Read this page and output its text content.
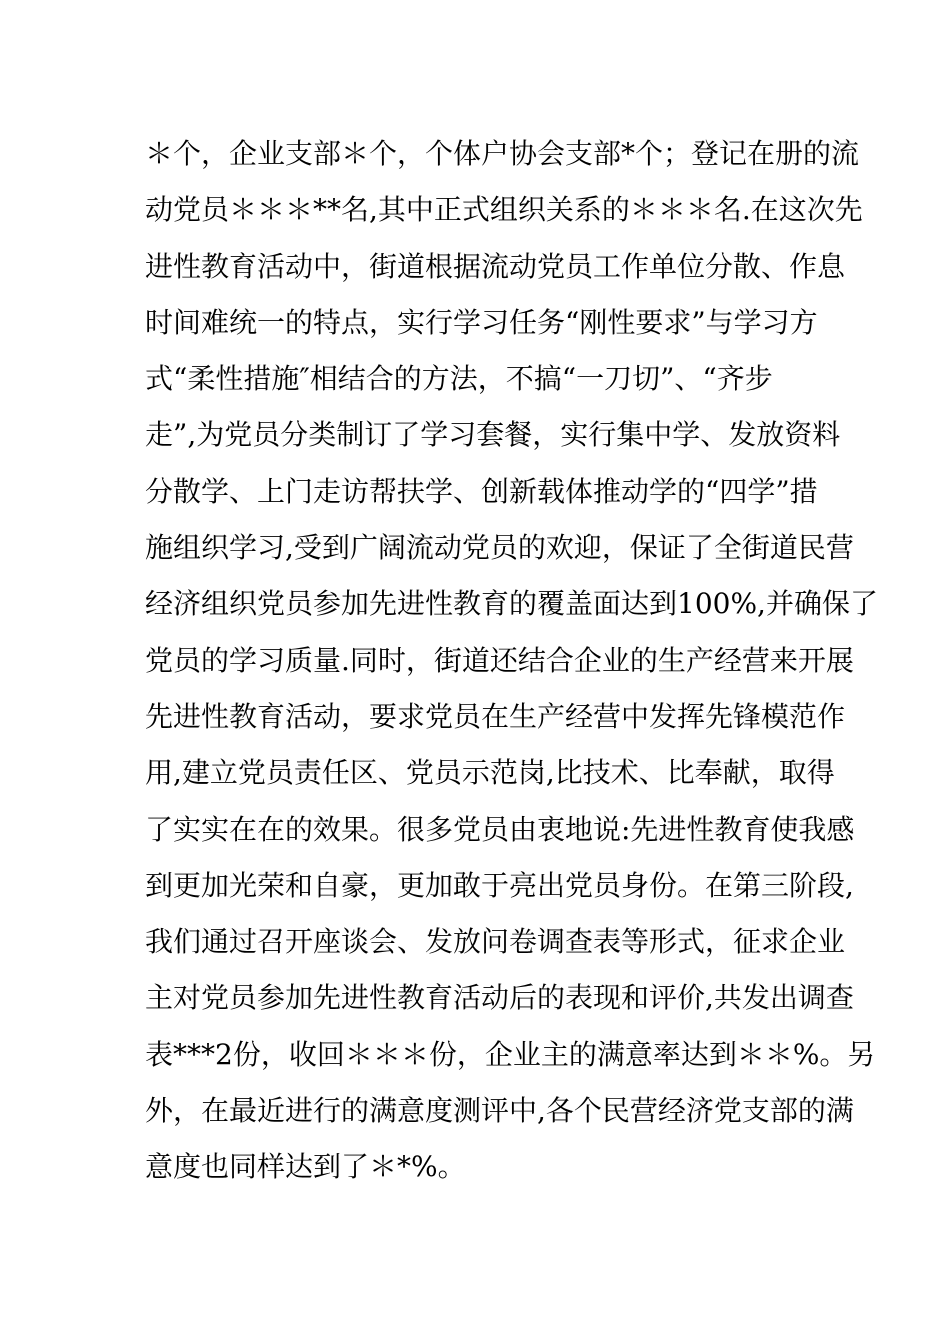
＊个，企业支部＊个，个体户协会支部*个；登记在册的流
动党员＊＊＊**名,其中正式组织关系的＊＊＊名.在这次先
进性教育活动中，街道根据流动党员工作单位分散、作息
时间难统一的特点，实行学习任务“刚性要求”与学习方
式“柔性措施″相结合的方法，不搞“一刀切”、“齐步
走”,为党员分类制订了学习套餐，实行集中学、发放资料
分散学、上门走访帮扶学、创新载体推动学的“四学”措
施组织学习,受到广阔流动党员的欢迎，保证了全街道民营
经济组织党员参加先进性教育的覆盖面达到100%,并确保了
党员的学习质量.同时，街道还结合企业的生产经营来开展
先进性教育活动，要求党员在生产经营中发挥先锋模范作
用,建立党员责任区、党员示范岗,比技术、比奉献，取得
了实实在在的效果。很多党员由衷地说:先进性教育使我感
到更加光荣和自豪，更加敢于亮出党员身份。在第三阶段,
我们通过召开座谈会、发放问卷调查表等形式，征求企业
主对党员参加先进性教育活动后的表现和评价,共发出调查
表***2份，收回＊＊＊份，企业主的满意率达到＊＊%。另
外，在最近进行的满意度测评中,各个民营经济党支部的满
意度也同样达到了＊*%。
